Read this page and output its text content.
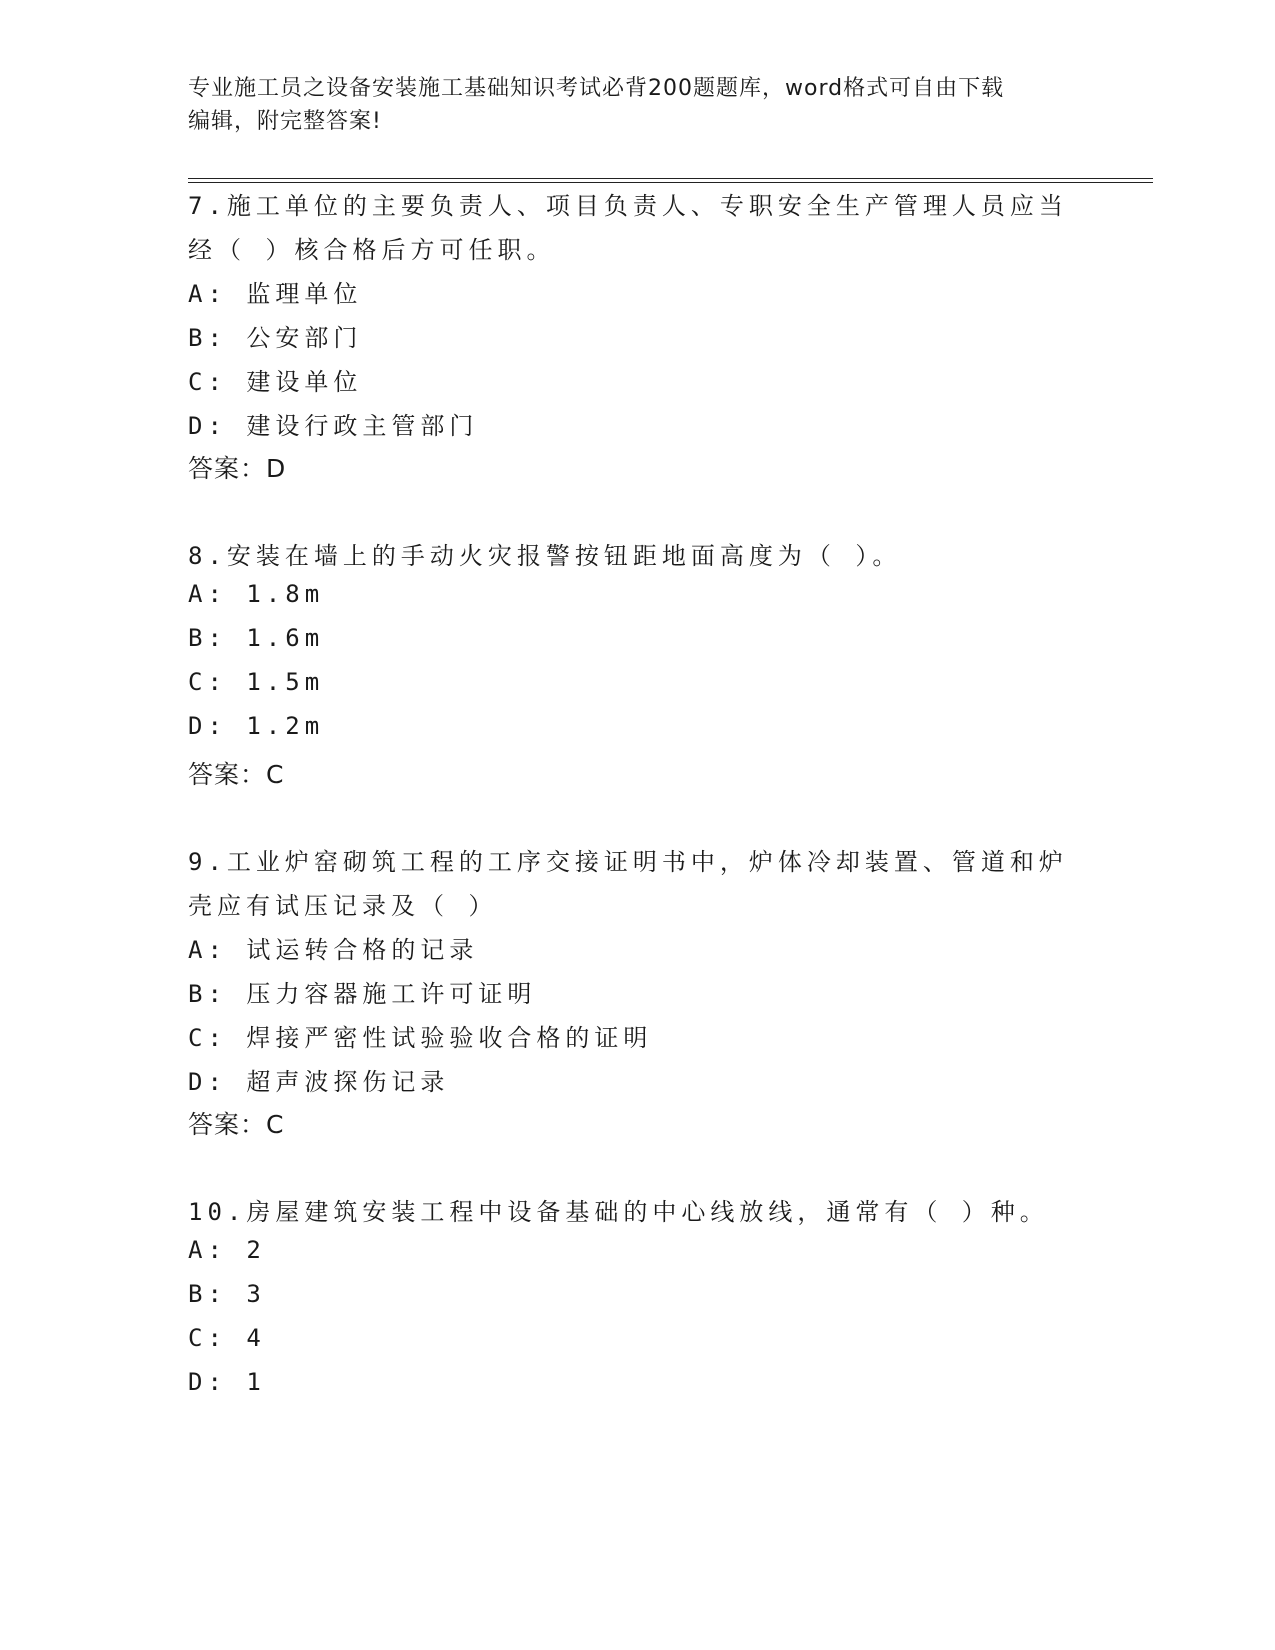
专业施工员之设备安装施工基础知识考试必背200题题库，word格式可自由下载
编辑，附完整答案!
7.施工单位的主要负责人、项目负责人、专职安全生产管理人员应当
经（ ）核合格后方可任职。
A: 监理单位
B: 公安部门
C: 建设单位
D: 建设行政主管部门
答案：D
8.安装在墙上的手动火灾报警按钮距地面高度为（ ）。
A: 1.8m
B: 1.6m
C: 1.5m
D: 1.2m
答案：C
9.工业炉窑砌筑工程的工序交接证明书中，炉体冷却装置、管道和炉
壳应有试压记录及（ ）
A: 试运转合格的记录
B: 压力容器施工许可证明
C: 焊接严密性试验验收合格的证明
D: 超声波探伤记录
答案：C
10.房屋建筑安装工程中设备基础的中心线放线，通常有（ ）种。
A: 2
B: 3
C: 4
D: 1
